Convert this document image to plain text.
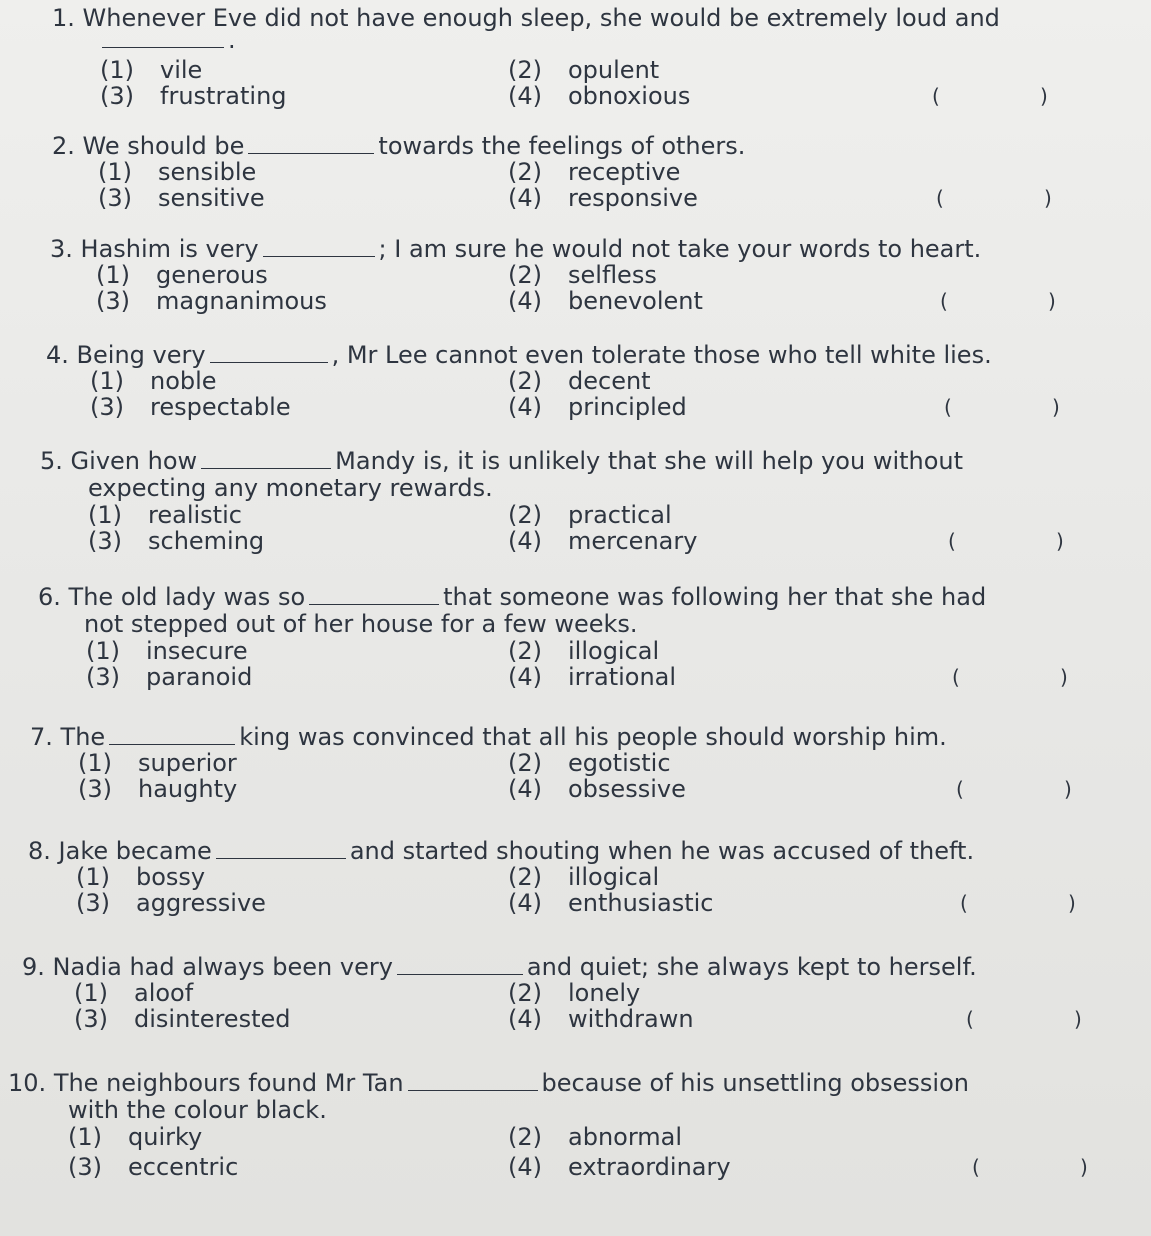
1. Whenever Eve did not have enough sleep, she would be extremely loud and
.
(1) vile	(2) opulent
(3) frustrating	(4) obnoxious	(	)
2. We should be	towards the feelings of others.
(1) sensible	(2) receptive
(3) sensitive	(4) responsive	(	)
3. Hashim is very	; I am sure he would not take your words to heart.
(1) generous	(2) selfless
(3) magnanimous	(4) benevolent	(	)
4. Being very	, Mr Lee cannot even tolerate those who tell white lies.
(1) noble	(2) decent
(3) respectable	(4) principled	(	)
5. Given how	Mandy is, it is unlikely that she will help you without
expecting any monetary rewards.
(1) realistic	(2) practical
(3) scheming	(4) mercenary	(	)
6. The old lady was so	that someone was following her that she had
not stepped out of her house for a few weeks.
(1) insecure	(2) illogical
(3) paranoid	(4) irrational	(	)
7. The	king was convinced that all his people should worship him.
(1) superior	(2) egotistic
(3) haughty	(4) obsessive	(	)
8. Jake became	and started shouting when he was accused of theft.
(1) bossy	(2) illogical
(3) aggressive	(4) enthusiastic	(	)
9. Nadia had always been very	and quiet; she always kept to herself.
(1) aloof	(2) lonely
(3) disinterested	(4) withdrawn	(	)
10. The neighbours found Mr Tan	because of his unsettling obsession
with the colour black.
(1) quirky	(2) abnormal
(3) eccentric	(4) extraordinary	(	)
